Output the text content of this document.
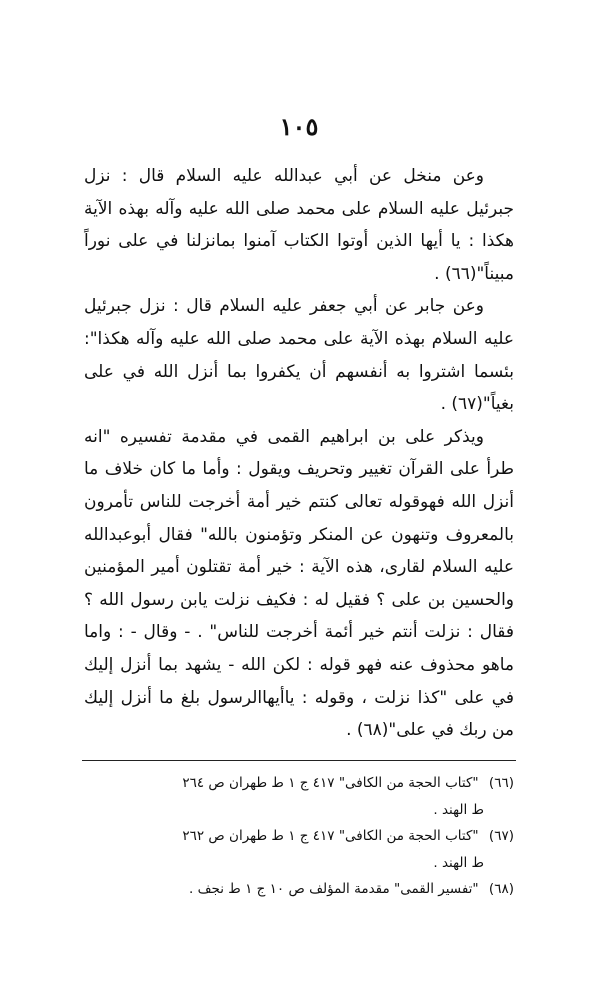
١٠٥

وعن منخل عن أبي عبدالله عليه السلام قال : نزل جبرئيل عليه السلام على محمد صلى الله عليه وآله بهذه الآية هكذا : يا أيها الذين أوتوا الكتاب آمنوا بمانزلنا في على نوراً مبيناً"(٦٦) .

وعن جابر عن أبي جعفر عليه السلام قال : نزل جبرئيل عليه السلام بهذه الآية على محمد صلى الله عليه وآله هكذا": بئسما اشتروا به أنفسهم أن يكفروا بما أنزل الله في على بغياً"(٦٧) .

ويذكر على بن ابراهيم القمى في مقدمة تفسيره "انه طرأ على القرآن تغيير وتحريف ويقول : وأما ما كان خلاف ما أنزل الله فهوقوله تعالى كنتم خير أمة أخرجت للناس تأمرون بالمعروف وتنهون عن المنكر وتؤمنون بالله" فقال أبوعبدالله عليه السلام لقارى، هذه الآية : خير أمة تقتلون أمير المؤمنين والحسين بن على ؟ فقيل له : فكيف نزلت يابن رسول الله ؟ فقال : نزلت أنتم خير أئمة أخرجت للناس" . - وقال - : واما ماهو محذوف عنه فهو قوله : لكن الله - يشهد بما أنزل إليك في على "كذا نزلت ، وقوله : ياأيهاالرسول بلغ ما أنزل إليك من ربك في على"(٦٨) .

(٦٦) "كتاب الحجة من الكافى" ٤١٧ ج ١ ط طهران ص ٢٦٤

ط الهند .

(٦٧) "كتاب الحجة من الكافى" ٤١٧ ج ١ ط طهران ص ٢٦٢

ط الهند .

(٦٨) "تفسير القمى" مقدمة المؤلف ص ١٠ ج ١ ط نجف .
